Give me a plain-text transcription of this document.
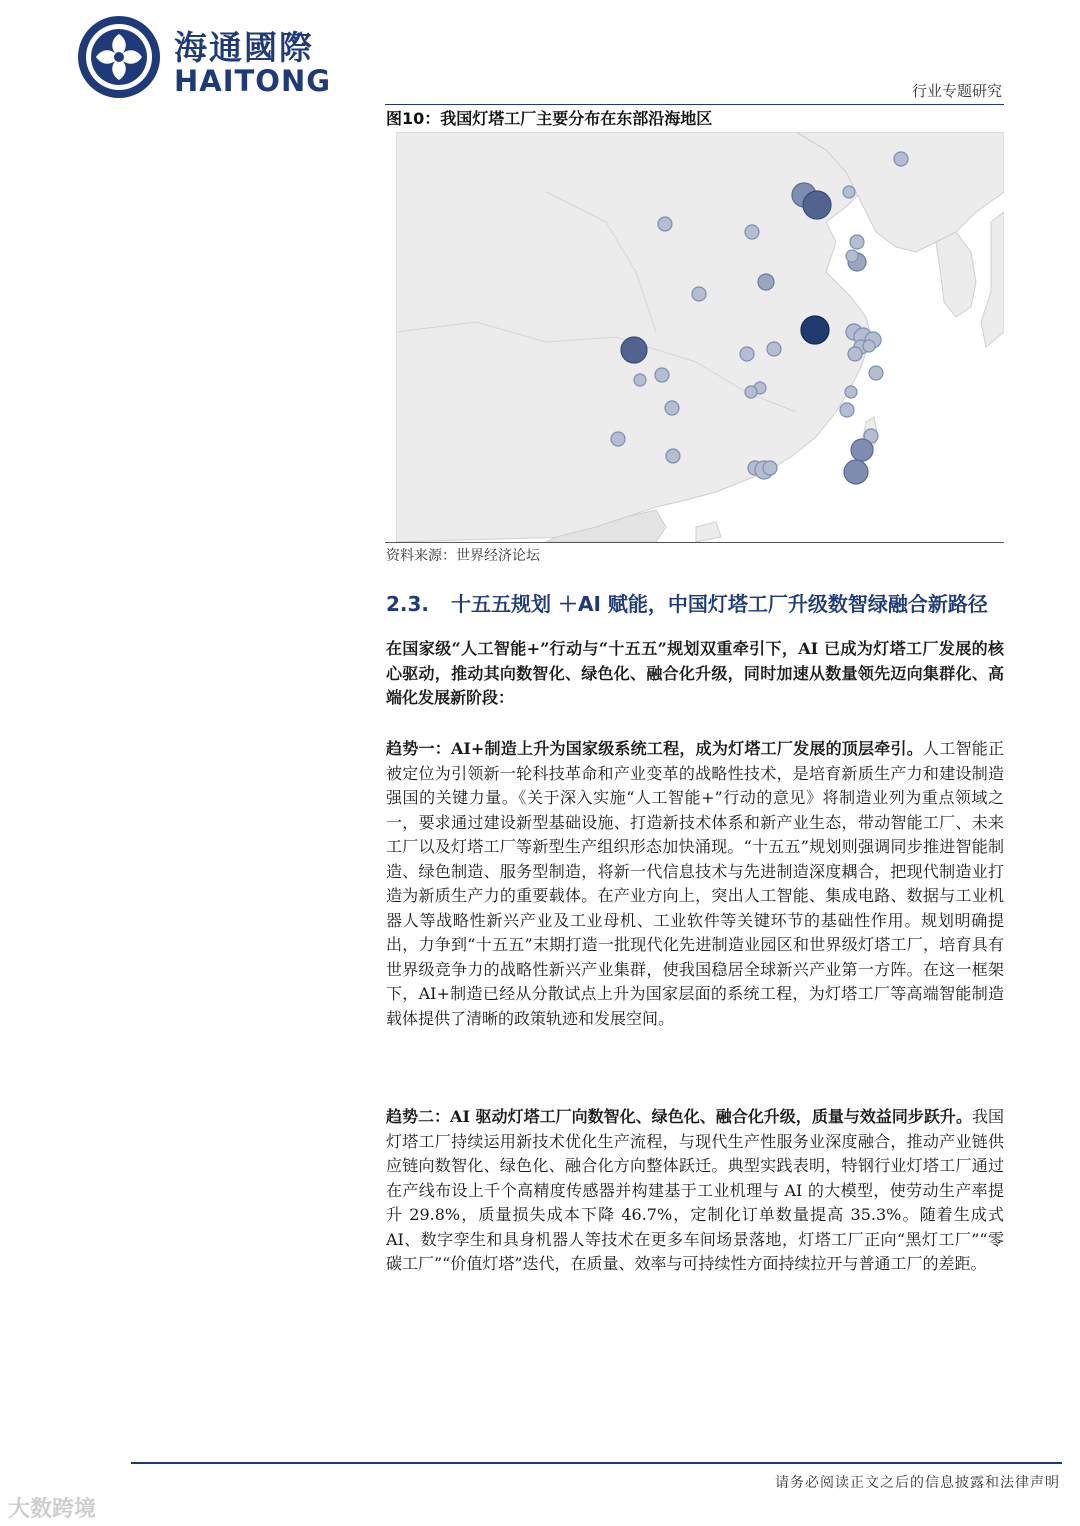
海通國際
HAITONG	行业专题研究
图10：我国灯塔工厂主要分布在东部沿海地区
资料来源：世界经济论坛
2.3. 十五五规划 ＋AI 赋能，中国灯塔工厂升级数智绿融合新路径
在国家级“人工智能+”行动与“十五五”规划双重牵引下，AI 已成为灯塔工厂发展的核心驱动，推动其向数智化、绿色化、融合化升级，同时加速从数量领先迈向集群化、高端化发展新阶段：
趋势一：AI+制造上升为国家级系统工程，成为灯塔工厂发展的顶层牵引。人工智能正被定位为引领新一轮科技革命和产业变革的战略性技术，是培育新质生产力和建设制造强国的关键力量。《关于深入实施“人工智能+”行动的意见》将制造业列为重点领域之一，要求通过建设新型基础设施、打造新技术体系和新产业生态，带动智能工厂、未来工厂以及灯塔工厂等新型生产组织形态加快涌现。“十五五”规划则强调同步推进智能制造、绿色制造、服务型制造，将新一代信息技术与先进制造深度耦合，把现代制造业打造为新质生产力的重要载体。在产业方向上，突出人工智能、集成电路、数据与工业机器人等战略性新兴产业及工业母机、工业软件等关键环节的基础性作用。规划明确提出，力争到“十五五”末期打造一批现代化先进制造业园区和世界级灯塔工厂，培育具有世界级竞争力的战略性新兴产业集群，使我国稳居全球新兴产业第一方阵。在这一框架下，AI+制造已经从分散试点上升为国家层面的系统工程，为灯塔工厂等高端智能制造载体提供了清晰的政策轨迹和发展空间。
趋势二：AI 驱动灯塔工厂向数智化、绿色化、融合化升级，质量与效益同步跃升。我国灯塔工厂持续运用新技术优化生产流程，与现代生产性服务业深度融合，推动产业链供应链向数智化、绿色化、融合化方向整体跃迁。典型实践表明，特钢行业灯塔工厂通过在产线布设上千个高精度传感器并构建基于工业机理与 AI 的大模型，使劳动生产率提升 29.8%，质量损失成本下降 46.7%，定制化订单数量提高 35.3%。随着生成式 AI、数字孪生和具身机器人等技术在更多车间场景落地，灯塔工厂正向“黑灯工厂”“零碳工厂”“价值灯塔”迭代，在质量、效率与可持续性方面持续拉开与普通工厂的差距。
请务必阅读正文之后的信息披露和法律声明
大数跨境
